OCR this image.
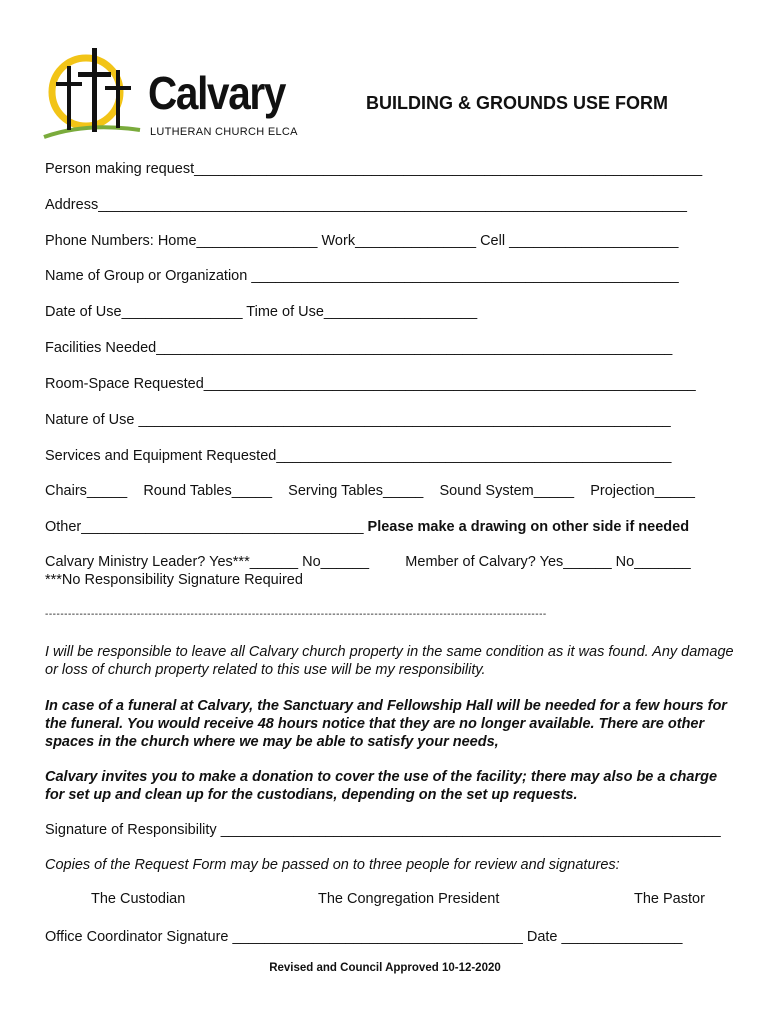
Calvary
LUTHERAN CHURCH ELCA
BUILDING & GROUNDS USE FORM
Person making request_______________________________________________________________
Address_________________________________________________________________________
Phone Numbers: Home_______________ Work_______________ Cell _____________________
Name of Group or Organization _____________________________________________________
Date of Use_______________ Time of Use___________________
Facilities Needed________________________________________________________________
Room-Space Requested_____________________________________________________________
Nature of Use __________________________________________________________________
Services and Equipment Requested_________________________________________________
Chairs_____    Round Tables_____    Serving Tables_____    Sound System_____    Projection_____
Other___________________________________ Please make a drawing on other side if needed
Calvary Ministry Leader? Yes***______ No______         Member of Calvary? Yes______ No_______
***No Responsibility Signature Required
-----------------------------------------------------------------------------------------------------------------------------------
I will be responsible to leave all Calvary church property in the same condition as it was found. Any damage or loss of church property related to this use will be my responsibility.
In case of a funeral at Calvary, the Sanctuary and Fellowship Hall will be needed for a few hours for the funeral. You would receive 48 hours notice that they are no longer available. There are other spaces in the church where we may be able to satisfy your needs,
Calvary invites you to make a donation to cover the use of the facility; there may also be a charge for set up and clean up for the custodians, depending on the set up requests.
Signature of Responsibility ______________________________________________________________
Copies of the Request Form may be passed on to three people for review and signatures:
The Custodian	The Congregation President	The Pastor
Office Coordinator Signature ____________________________________ Date _______________
Revised and Council Approved 10-12-2020
